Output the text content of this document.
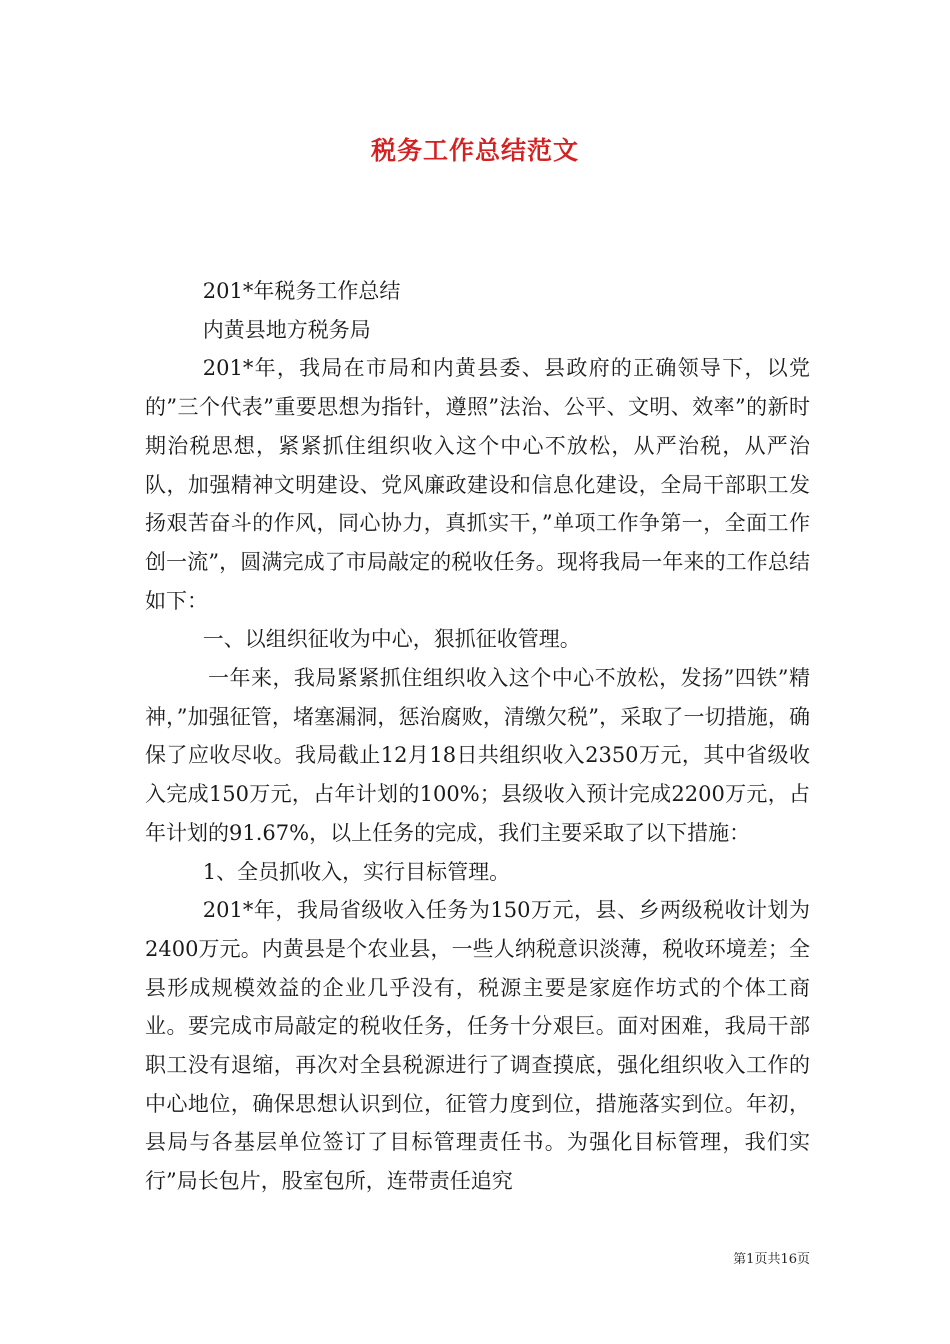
税务工作总结范文

201*年税务工作总结

内黄县地方税务局

201*年，我局在市局和内黄县委、县政府的正确领导下，以党的”三个代表”重要思想为指针，遵照”法治、公平、文明、效率”的新时期治税思想，紧紧抓住组织收入这个中心不放松，从严治税，从严治队，加强精神文明建设、党风廉政建设和信息化建设，全局干部职工发扬艰苦奋斗的作风，同心协力，真抓实干，”单项工作争第一，全面工作创一流”，圆满完成了市局敲定的税收任务。现将我局一年来的工作总结如下：

一、以组织征收为中心，狠抓征收管理。

一年来，我局紧紧抓住组织收入这个中心不放松，发扬”四铁”精神，”加强征管，堵塞漏洞，惩治腐败，清缴欠税”，采取了一切措施，确保了应收尽收。我局截止12月18日共组织收入2350万元，其中省级收入完成150万元，占年计划的100%；县级收入预计完成2200万元，占年计划的91.67%，以上任务的完成，我们主要采取了以下措施：

1、全员抓收入，实行目标管理。

201*年，我局省级收入任务为150万元，县、乡两级税收计划为2400万元。内黄县是个农业县，一些人纳税意识淡薄，税收环境差；全县形成规模效益的企业几乎没有，税源主要是家庭作坊式的个体工商业。要完成市局敲定的税收任务，任务十分艰巨。面对困难，我局干部职工没有退缩，再次对全县税源进行了调查摸底，强化组织收入工作的中心地位，确保思想认识到位，征管力度到位，措施落实到位。年初，县局与各基层单位签订了目标管理责任书。为强化目标管理，我们实行”局长包片，股室包所，连带责任追究

第1页共16页
